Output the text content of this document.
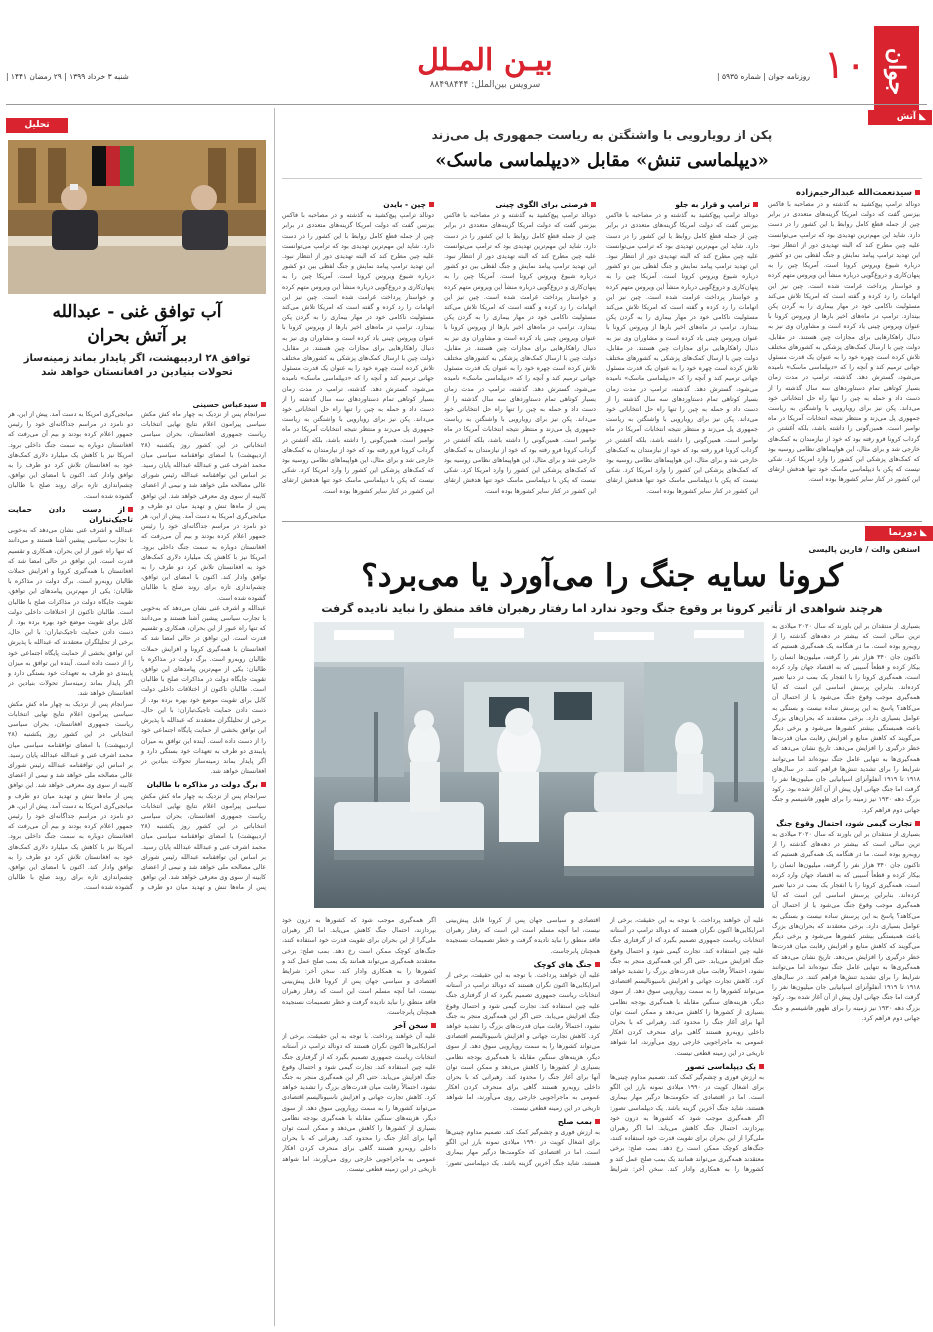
جوان
۱۰
بیـن المـلل
سرویس بین‌الملل: ۸۸۴۹۸۴۴۴
روزنامه جوان | شماره ۵۹۳۵ |
شنبه ۳ خرداد ۱۳۹۹ | ۲۹ رمضان ۱۴۴۱ |
◣ آتش
تحلیل
◣ دورنما
پکن از رویارویی با واشنگتن به ریاست جمهوری پل می‌زند
«دیپلماسی تنش» مقابل «دیپلماسی ماسک»
سید‌نعمت‌الله عبدالرحیم‌زاده

دونالد ترامپ پیچ‌کشید به گذشته و در مصاحبه با فاکس بیزنس گفت که دولت امریکا گزینه‌های متعددی در برابر چین از جمله قطع کامل روابط با این کشور را در دست دارد. شاید این مهم‌ترین تهدیدی بود که ترامپ می‌توانست علیه چین مطرح کند که البته تهدیدی دور از انتظار نبود. این تهدید ترامپ پیامد نمایش و جنگ لفظی بین دو کشور درباره شیوع ویروس کرونا است. آمریکا چین را به پنهان‌کاری و دروغ‌گویی درباره منشأ این ویروس متهم کرده و خواستار پرداخت غرامت شده است. چین نیز این اتهامات را رد کرده و گفته است که امریکا تلاش می‌کند مسئولیت ناکامی خود در مهار بیماری را به گردن پکن بیندازد. ترامپ در ماه‌های اخیر بارها از ویروس کرونا با عنوان ویروس چینی یاد کرده است و مشاوران وی نیز به دنبال راهکارهایی برای مجازات چین هستند. در مقابل، دولت چین با ارسال کمک‌های پزشکی به کشورهای مختلف تلاش کرده است چهره خود را به عنوان یک قدرت مسئول جهانی ترمیم کند و آنچه را که «دیپلماسی ماسک» نامیده می‌شود، گسترش دهد. گذشته، ترامپ در مدت زمان بسیار کوتاهی تمام دستاوردهای سه سال گذشته را از دست داد و حمله به چین را تنها راه حل انتخاباتی خود می‌داند. پکن نیز برای رویارویی با واشنگتن به ریاست جمهوری پل می‌زند و منتظر نتیجه انتخابات آمریکا در ماه نوامبر است. همین‌گونی را داشته باشد، بلکه آغشتن در گرداب کرونا فرو رفته بود که خود از نیازمندان به کمک‌های خارجی شد و برای مثال، این هواپیماهای نظامی روسیه بود که کمک‌های پزشکی این کشور را وارد امریکا کرد. شکی نیست که پکن با دیپلماسی ماسک خود تنها هدفش ارتقای این کشور در کنار سایر کشورها بوده است.

ترامپ و قرار به جلو

دونالد ترامپ پیچ‌کشید به گذشته و در مصاحبه با فاکس بیزنس گفت که دولت امریکا گزینه‌های متعددی در برابر چین از جمله قطع کامل روابط با این کشور را در دست دارد. شاید این مهم‌ترین تهدیدی بود که ترامپ می‌توانست علیه چین مطرح کند که البته تهدیدی دور از انتظار نبود. این تهدید ترامپ پیامد نمایش و جنگ لفظی بین دو کشور درباره شیوع ویروس کرونا است. آمریکا چین را به پنهان‌کاری و دروغ‌گویی درباره منشأ این ویروس متهم کرده و خواستار پرداخت غرامت شده است. چین نیز این اتهامات را رد کرده و گفته است که امریکا تلاش می‌کند مسئولیت ناکامی خود در مهار بیماری را به گردن پکن بیندازد. ترامپ در ماه‌های اخیر بارها از ویروس کرونا با عنوان ویروس چینی یاد کرده است و مشاوران وی نیز به دنبال راهکارهایی برای مجازات چین هستند. در مقابل، دولت چین با ارسال کمک‌های پزشکی به کشورهای مختلف تلاش کرده است چهره خود را به عنوان یک قدرت مسئول جهانی ترمیم کند و آنچه را که «دیپلماسی ماسک» نامیده می‌شود، گسترش دهد. گذشته، ترامپ در مدت زمان بسیار کوتاهی تمام دستاوردهای سه سال گذشته را از دست داد و حمله به چین را تنها راه حل انتخاباتی خود می‌داند. پکن نیز برای رویارویی با واشنگتن به ریاست جمهوری پل می‌زند و منتظر نتیجه انتخابات آمریکا در ماه نوامبر است. همین‌گونی را داشته باشد، بلکه آغشتن در گرداب کرونا فرو رفته بود که خود از نیازمندان به کمک‌های خارجی شد و برای مثال، این هواپیماهای نظامی روسیه بود که کمک‌های پزشکی این کشور را وارد امریکا کرد. شکی نیست که پکن با دیپلماسی ماسک خود تنها هدفش ارتقای این کشور در کنار سایر کشورها بوده است.

فرصتی برای الگوی چینی

دونالد ترامپ پیچ‌کشید به گذشته و در مصاحبه با فاکس بیزنس گفت که دولت امریکا گزینه‌های متعددی در برابر چین از جمله قطع کامل روابط با این کشور را در دست دارد. شاید این مهم‌ترین تهدیدی بود که ترامپ می‌توانست علیه چین مطرح کند که البته تهدیدی دور از انتظار نبود. این تهدید ترامپ پیامد نمایش و جنگ لفظی بین دو کشور درباره شیوع ویروس کرونا است. آمریکا چین را به پنهان‌کاری و دروغ‌گویی درباره منشأ این ویروس متهم کرده و خواستار پرداخت غرامت شده است. چین نیز این اتهامات را رد کرده و گفته است که امریکا تلاش می‌کند مسئولیت ناکامی خود در مهار بیماری را به گردن پکن بیندازد. ترامپ در ماه‌های اخیر بارها از ویروس کرونا با عنوان ویروس چینی یاد کرده است و مشاوران وی نیز به دنبال راهکارهایی برای مجازات چین هستند. در مقابل، دولت چین با ارسال کمک‌های پزشکی به کشورهای مختلف تلاش کرده است چهره خود را به عنوان یک قدرت مسئول جهانی ترمیم کند و آنچه را که «دیپلماسی ماسک» نامیده می‌شود، گسترش دهد. گذشته، ترامپ در مدت زمان بسیار کوتاهی تمام دستاوردهای سه سال گذشته را از دست داد و حمله به چین را تنها راه حل انتخاباتی خود می‌داند. پکن نیز برای رویارویی با واشنگتن به ریاست جمهوری پل می‌زند و منتظر نتیجه انتخابات آمریکا در ماه نوامبر است. همین‌گونی را داشته باشد، بلکه آغشتن در گرداب کرونا فرو رفته بود که خود از نیازمندان به کمک‌های خارجی شد و برای مثال، این هواپیماهای نظامی روسیه بود که کمک‌های پزشکی این کشور را وارد امریکا کرد. شکی نیست که پکن با دیپلماسی ماسک خود تنها هدفش ارتقای این کشور در کنار سایر کشورها بوده است.

چین - بایدن

دونالد ترامپ پیچ‌کشید به گذشته و در مصاحبه با فاکس بیزنس گفت که دولت امریکا گزینه‌های متعددی در برابر چین از جمله قطع کامل روابط با این کشور را در دست دارد. شاید این مهم‌ترین تهدیدی بود که ترامپ می‌توانست علیه چین مطرح کند که البته تهدیدی دور از انتظار نبود. این تهدید ترامپ پیامد نمایش و جنگ لفظی بین دو کشور درباره شیوع ویروس کرونا است. آمریکا چین را به پنهان‌کاری و دروغ‌گویی درباره منشأ این ویروس متهم کرده و خواستار پرداخت غرامت شده است. چین نیز این اتهامات را رد کرده و گفته است که امریکا تلاش می‌کند مسئولیت ناکامی خود در مهار بیماری را به گردن پکن بیندازد. ترامپ در ماه‌های اخیر بارها از ویروس کرونا با عنوان ویروس چینی یاد کرده است و مشاوران وی نیز به دنبال راهکارهایی برای مجازات چین هستند. در مقابل، دولت چین با ارسال کمک‌های پزشکی به کشورهای مختلف تلاش کرده است چهره خود را به عنوان یک قدرت مسئول جهانی ترمیم کند و آنچه را که «دیپلماسی ماسک» نامیده می‌شود، گسترش دهد. گذشته، ترامپ در مدت زمان بسیار کوتاهی تمام دستاوردهای سه سال گذشته را از دست داد و حمله به چین را تنها راه حل انتخاباتی خود می‌داند. پکن نیز برای رویارویی با واشنگتن به ریاست جمهوری پل می‌زند و منتظر نتیجه انتخابات آمریکا در ماه نوامبر است. همین‌گونی را داشته باشد، بلکه آغشتن در گرداب کرونا فرو رفته بود که خود از نیازمندان به کمک‌های خارجی شد و برای مثال، این هواپیماهای نظامی روسیه بود که کمک‌های پزشکی این کشور را وارد امریکا کرد. شکی نیست که پکن با دیپلماسی ماسک خود تنها هدفش ارتقای این کشور در کنار سایر کشورها بوده است.

استفن والت / فارین پالیسی
کرونا سایه جنگ را می‌آورد یا می‌برد؟
هرچند شواهدی از تأثیر کرونا بر وقوع جنگ وجود ندارد اما رفتار رهبران فاقد منطق را نباید نادیده گرفت

بسیاری از منتقدان بر این باورند که سال ۲۰۲۰ میلادی به ترین سالی است که بیشتر در دهه‌های گذشته را از روبه‌رو بوده است. ما در هنگامه یک همه‌گیری هستیم که تاکنون جان ۳۴۰ هزار نفر را گرفته، میلیون‌ها انسان را بیکار کرده و قطعاً آسیبی که به اقتصاد جهان وارد کرده است، همه‌گیری کرونا را با انفجار یک بمب در دنیا تعبیر کرده‌اند. بنابراین پرسش اساسی این است که آیا همه‌گیری موجب وقوع جنگ می‌شود یا از احتمال آن می‌کاهد؟ پاسخ به این پرسش ساده نیست و بستگی به عوامل بسیاری دارد. برخی معتقدند که بحران‌های بزرگ باعث همبستگی بیشتر کشورها می‌شود و برخی دیگر می‌گویند که کاهش منابع و افزایش رقابت میان قدرت‌ها خطر درگیری را افزایش می‌دهد. تاریخ نشان می‌دهد که همه‌گیری‌ها به تنهایی عامل جنگ نبوده‌اند اما می‌توانند شرایط را برای تشدید تنش‌ها فراهم کنند. در سال‌های ۱۹۱۸ تا ۱۹۱۹ آنفلوآنزای اسپانیایی جان میلیون‌ها نفر را گرفت اما جنگ جهانی اول پیش از آن آغاز شده بود. رکود بزرگ دهه ۱۹۳۰ نیز زمینه را برای ظهور فاشیسم و جنگ جهانی دوم فراهم کرد.

تجارت گیمی شود، احتمال وقوع جنگ

بسیاری از منتقدان بر این باورند که سال ۲۰۲۰ میلادی به ترین سالی است که بیشتر در دهه‌های گذشته را از روبه‌رو بوده است. ما در هنگامه یک همه‌گیری هستیم که تاکنون جان ۳۴۰ هزار نفر را گرفته، میلیون‌ها انسان را بیکار کرده و قطعاً آسیبی که به اقتصاد جهان وارد کرده است، همه‌گیری کرونا را با انفجار یک بمب در دنیا تعبیر کرده‌اند. بنابراین پرسش اساسی این است که آیا همه‌گیری موجب وقوع جنگ می‌شود یا از احتمال آن می‌کاهد؟ پاسخ به این پرسش ساده نیست و بستگی به عوامل بسیاری دارد. برخی معتقدند که بحران‌های بزرگ باعث همبستگی بیشتر کشورها می‌شود و برخی دیگر می‌گویند که کاهش منابع و افزایش رقابت میان قدرت‌ها خطر درگیری را افزایش می‌دهد. تاریخ نشان می‌دهد که همه‌گیری‌ها به تنهایی عامل جنگ نبوده‌اند اما می‌توانند شرایط را برای تشدید تنش‌ها فراهم کنند. در سال‌های ۱۹۱۸ تا ۱۹۱۹ آنفلوآنزای اسپانیایی جان میلیون‌ها نفر را گرفت اما جنگ جهانی اول پیش از آن آغاز شده بود. رکود بزرگ دهه ۱۹۳۰ نیز زمینه را برای ظهور فاشیسم و جنگ جهانی دوم فراهم کرد.

علیه آن خواهند پرداخت. با توجه به این حقیقت، برخی از امرایکایی‌ها اکنون نگران هستند که دونالد ترامپ در آستانه انتخابات ریاست جمهوری تصمیم بگیرد که از گرفتاری جنگ علیه چین استفاده کند. تجارت گیمی شود و احتمال وقوع جنگ افزایش می‌یابد. حتی اگر این همه‌گیری منجر به جنگ نشود، احتمالاً رقابت میان قدرت‌های بزرگ را تشدید خواهد کرد. کاهش تجارت جهانی و افزایش ناسیونالیسم اقتصادی می‌تواند کشورها را به سمت رویارویی سوق دهد. از سوی دیگر، هزینه‌های سنگین مقابله با همه‌گیری بودجه نظامی بسیاری از کشورها را کاهش می‌دهد و ممکن است توان آنها برای آغاز جنگ را محدود کند. رهبرانی که با بحران داخلی روبه‌رو هستند گاهی برای منحرف کردن افکار عمومی به ماجراجویی خارجی روی می‌آورند، اما شواهد تاریخی در این زمینه قطعی نیست.

یک دیپلماسی تصور

به ارزش فوری و چشم‌گیر کمک کند. تصمیم مداوم چینی‌ها برای اشغال کویت در ۱۹۹۰ میلادی نمونه بارز این الگو است. اما در اقتصادی که حکومت‌ها درگیر مهار بیماری هستند، شاید جنگ آخرین گزینه باشد. یک دیپلماسی تصور: اگر همه‌گیری موجب شود که کشورها به درون خود بپردازند، احتمال جنگ کاهش می‌یابد. اما اگر رهبران ملی‌گرا از این بحران برای تقویت قدرت خود استفاده کنند، جنگ‌های کوچک ممکن است رخ دهد. بمب صلح: برخی معتقدند همه‌گیری می‌تواند همانند یک بمب صلح عمل کند و کشورها را به همکاری وادار کند. سخن آخر: شرایط اقتصادی و سیاسی جهان پس از کرونا قابل پیش‌بینی نیست، اما آنچه مسلم است این است که رفتار رهبران فاقد منطق را نباید نادیده گرفت و خطر تصمیمات نسنجیده همچنان پابرجاست.

جنگ های کوچک

علیه آن خواهند پرداخت. با توجه به این حقیقت، برخی از امرایکایی‌ها اکنون نگران هستند که دونالد ترامپ در آستانه انتخابات ریاست جمهوری تصمیم بگیرد که از گرفتاری جنگ علیه چین استفاده کند. تجارت گیمی شود و احتمال وقوع جنگ افزایش می‌یابد. حتی اگر این همه‌گیری منجر به جنگ نشود، احتمالاً رقابت میان قدرت‌های بزرگ را تشدید خواهد کرد. کاهش تجارت جهانی و افزایش ناسیونالیسم اقتصادی می‌تواند کشورها را به سمت رویارویی سوق دهد. از سوی دیگر، هزینه‌های سنگین مقابله با همه‌گیری بودجه نظامی بسیاری از کشورها را کاهش می‌دهد و ممکن است توان آنها برای آغاز جنگ را محدود کند. رهبرانی که با بحران داخلی روبه‌رو هستند گاهی برای منحرف کردن افکار عمومی به ماجراجویی خارجی روی می‌آورند، اما شواهد تاریخی در این زمینه قطعی نیست.

بمب صلح

به ارزش فوری و چشم‌گیر کمک کند. تصمیم مداوم چینی‌ها برای اشغال کویت در ۱۹۹۰ میلادی نمونه بارز این الگو است. اما در اقتصادی که حکومت‌ها درگیر مهار بیماری هستند، شاید جنگ آخرین گزینه باشد. یک دیپلماسی تصور: اگر همه‌گیری موجب شود که کشورها به درون خود بپردازند، احتمال جنگ کاهش می‌یابد. اما اگر رهبران ملی‌گرا از این بحران برای تقویت قدرت خود استفاده کنند، جنگ‌های کوچک ممکن است رخ دهد. بمب صلح: برخی معتقدند همه‌گیری می‌تواند همانند یک بمب صلح عمل کند و کشورها را به همکاری وادار کند. سخن آخر: شرایط اقتصادی و سیاسی جهان پس از کرونا قابل پیش‌بینی نیست، اما آنچه مسلم است این است که رفتار رهبران فاقد منطق را نباید نادیده گرفت و خطر تصمیمات نسنجیده همچنان پابرجاست.

سخن آخر

علیه آن خواهند پرداخت. با توجه به این حقیقت، برخی از امرایکایی‌ها اکنون نگران هستند که دونالد ترامپ در آستانه انتخابات ریاست جمهوری تصمیم بگیرد که از گرفتاری جنگ علیه چین استفاده کند. تجارت گیمی شود و احتمال وقوع جنگ افزایش می‌یابد. حتی اگر این همه‌گیری منجر به جنگ نشود، احتمالاً رقابت میان قدرت‌های بزرگ را تشدید خواهد کرد. کاهش تجارت جهانی و افزایش ناسیونالیسم اقتصادی می‌تواند کشورها را به سمت رویارویی سوق دهد. از سوی دیگر، هزینه‌های سنگین مقابله با همه‌گیری بودجه نظامی بسیاری از کشورها را کاهش می‌دهد و ممکن است توان آنها برای آغاز جنگ را محدود کند. رهبرانی که با بحران داخلی روبه‌رو هستند گاهی برای منحرف کردن افکار عمومی به ماجراجویی خارجی روی می‌آورند، اما شواهد تاریخی در این زمینه قطعی نیست.

آب توافق غنی - عبدالله
بر آتش بحران
توافق ۲۸ اردیبهشت، اگر پایدار بماند زمینه‌ساز تحولات بنیادین در افغانستان خواهد شد
سیدعباس حسینی

سرانجام پس از نزدیک به چهار ماه کش مکش سیاسی پیرامون اعلام نتایج نهایی انتخابات ریاست جمهوری افغانستان، بحران سیاسی انتخاباتی در این کشور روز یکشنبه (۲۸ اردیبهشت) با امضای توافقنامه سیاسی میان محمد اشرف غنی و عبدالله عبدالله پایان رسید. بر اساس این توافقنامه عبدالله رئیس شورای عالی مصالحه ملی خواهد شد و نیمی از اعضای کابینه از سوی وی معرفی خواهد شد. این توافق پس از ماه‌ها تنش و تهدید میان دو طرف و میانجی‌گری امریکا به دست آمد. پیش از این، هر دو نامزد در مراسم جداگانه‌ای خود را رئیس جمهور اعلام کرده بودند و بیم آن می‌رفت که افغانستان دوباره به سمت جنگ داخلی برود. امریکا نیز با کاهش یک میلیارد دلاری کمک‌های خود به افغانستان تلاش کرد دو طرف را به توافق وادار کند. اکنون با امضای این توافق، چشم‌اندازی تازه برای روند صلح با طالبان گشوده شده است.

عبدالله و اشرف غنی نشان می‌دهد که به‌خوبی با تجارب سیاسی پیشین آشنا هستند و می‌دانند که تنها راه عبور از این بحران، همکاری و تقسیم قدرت است. این توافق در حالی امضا شد که افغانستان با همه‌گیری کرونا و افزایش حملات طالبان روبه‌رو است. برگ دولت در مذاکره با طالبان: یکی از مهم‌ترین پیامدهای این توافق، تقویت جایگاه دولت در مذاکرات صلح با طالبان است. طالبان تاکنون از اختلافات داخلی دولت کابل برای تقویت موضع خود بهره برده بود. از دست دادن حمایت تاجیک‌تباران: با این حال، برخی از تحلیلگران معتقدند که عبدالله با پذیرش این توافق بخشی از حمایت پایگاه اجتماعی خود را از دست داده است. آینده این توافق به میزان پایبندی دو طرف به تعهدات خود بستگی دارد و اگر پایدار بماند زمینه‌ساز تحولات بنیادین در افغانستان خواهد شد.

برگ دولت در مذاکره با طالبان

سرانجام پس از نزدیک به چهار ماه کش مکش سیاسی پیرامون اعلام نتایج نهایی انتخابات ریاست جمهوری افغانستان، بحران سیاسی انتخاباتی در این کشور روز یکشنبه (۲۸ اردیبهشت) با امضای توافقنامه سیاسی میان محمد اشرف غنی و عبدالله عبدالله پایان رسید. بر اساس این توافقنامه عبدالله رئیس شورای عالی مصالحه ملی خواهد شد و نیمی از اعضای کابینه از سوی وی معرفی خواهد شد. این توافق پس از ماه‌ها تنش و تهدید میان دو طرف و میانجی‌گری امریکا به دست آمد. پیش از این، هر دو نامزد در مراسم جداگانه‌ای خود را رئیس جمهور اعلام کرده بودند و بیم آن می‌رفت که افغانستان دوباره به سمت جنگ داخلی برود. امریکا نیز با کاهش یک میلیارد دلاری کمک‌های خود به افغانستان تلاش کرد دو طرف را به توافق وادار کند. اکنون با امضای این توافق، چشم‌اندازی تازه برای روند صلح با طالبان گشوده شده است.

از دست دادن حمایت تاجیک‌تباران

عبدالله و اشرف غنی نشان می‌دهد که به‌خوبی با تجارب سیاسی پیشین آشنا هستند و می‌دانند که تنها راه عبور از این بحران، همکاری و تقسیم قدرت است. این توافق در حالی امضا شد که افغانستان با همه‌گیری کرونا و افزایش حملات طالبان روبه‌رو است. برگ دولت در مذاکره با طالبان: یکی از مهم‌ترین پیامدهای این توافق، تقویت جایگاه دولت در مذاکرات صلح با طالبان است. طالبان تاکنون از اختلافات داخلی دولت کابل برای تقویت موضع خود بهره برده بود. از دست دادن حمایت تاجیک‌تباران: با این حال، برخی از تحلیلگران معتقدند که عبدالله با پذیرش این توافق بخشی از حمایت پایگاه اجتماعی خود را از دست داده است. آینده این توافق به میزان پایبندی دو طرف به تعهدات خود بستگی دارد و اگر پایدار بماند زمینه‌ساز تحولات بنیادین در افغانستان خواهد شد.

سرانجام پس از نزدیک به چهار ماه کش مکش سیاسی پیرامون اعلام نتایج نهایی انتخابات ریاست جمهوری افغانستان، بحران سیاسی انتخاباتی در این کشور روز یکشنبه (۲۸ اردیبهشت) با امضای توافقنامه سیاسی میان محمد اشرف غنی و عبدالله عبدالله پایان رسید. بر اساس این توافقنامه عبدالله رئیس شورای عالی مصالحه ملی خواهد شد و نیمی از اعضای کابینه از سوی وی معرفی خواهد شد. این توافق پس از ماه‌ها تنش و تهدید میان دو طرف و میانجی‌گری امریکا به دست آمد. پیش از این، هر دو نامزد در مراسم جداگانه‌ای خود را رئیس جمهور اعلام کرده بودند و بیم آن می‌رفت که افغانستان دوباره به سمت جنگ داخلی برود. امریکا نیز با کاهش یک میلیارد دلاری کمک‌های خود به افغانستان تلاش کرد دو طرف را به توافق وادار کند. اکنون با امضای این توافق، چشم‌اندازی تازه برای روند صلح با طالبان گشوده شده است.
